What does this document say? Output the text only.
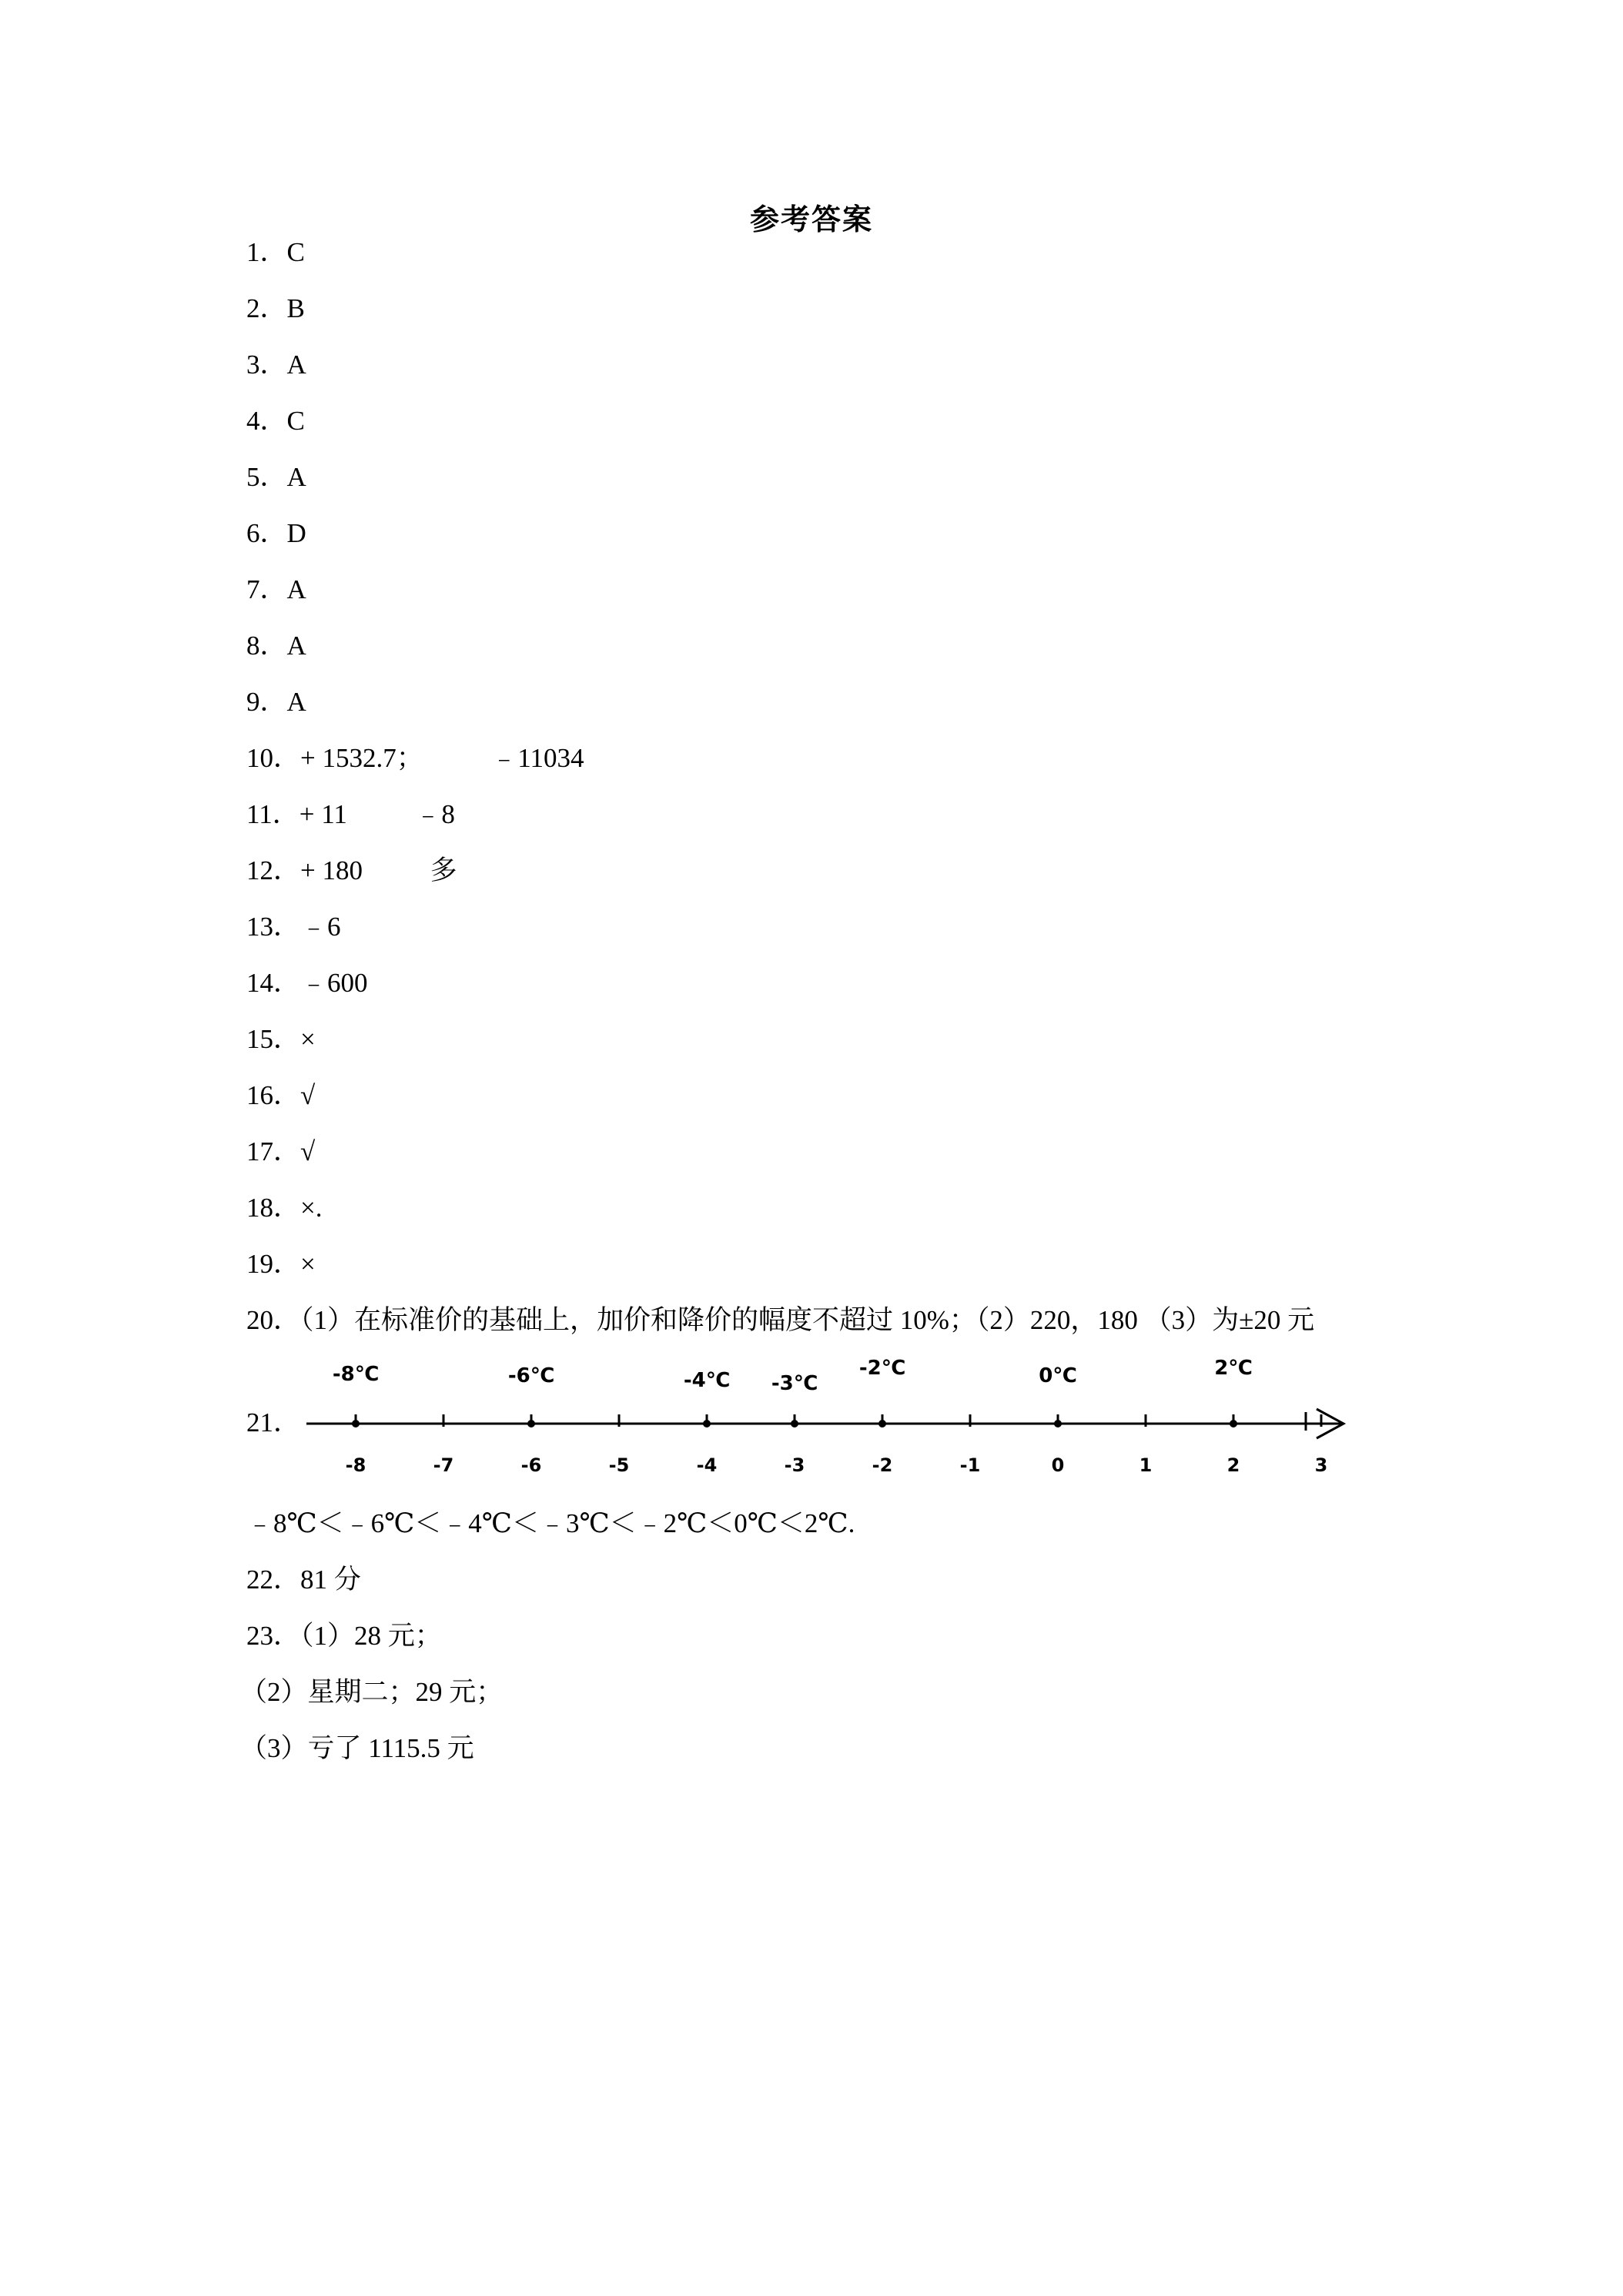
参考答案
1．C
2．B
3．A
4．C
5．A
6．D
7．A
8．A
9．A
10．+ 1532.7；          ﹣11034
11．+ 11          ﹣8
12．+ 180          多
13．﹣6
14．﹣600
15．×
16．√
17．√
18．×.
19．×
20．（1）在标准价的基础上，加价和降价的幅度不超过 10%；（2）220，180 （3）为±20 元
21．
-8	-7	-6	-5	-4	-3	-2	-1	0	1	2	3
-8℃	-6℃	-4℃ -3℃
-2℃	0℃	2℃
﹣8℃＜﹣6℃＜﹣4℃＜﹣3℃＜﹣2℃＜0℃＜2℃.
22．81 分
23．（1）28 元；
（2）星期二；29 元；
（3）亏了 1115.5 元
